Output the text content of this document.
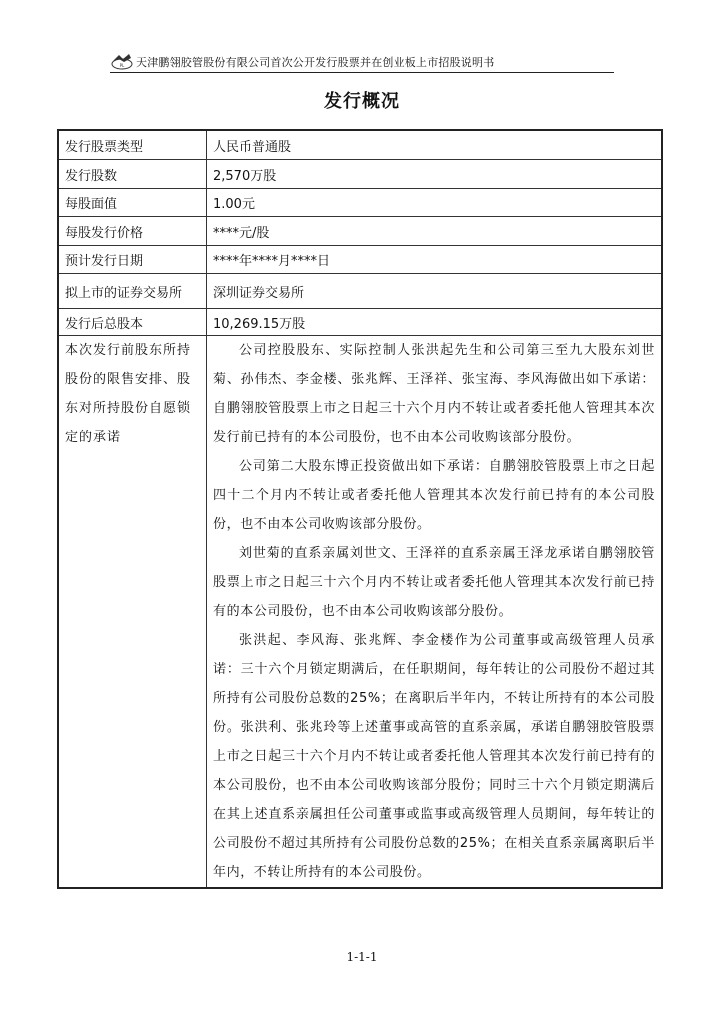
PL 天津鹏翎胶管股份有限公司首次公开发行股票并在创业板上市招股说明书
发行概况
发行股票类型	人民币普通股
发行股数	2,570万股
每股面值	1.00元
每股发行价格	****元/股
预计发行日期	****年****月****日
拟上市的证券交易所	深圳证券交易所
发行后总股本	10,269.15万股
本次发行前股东所持股份的限售安排、股东对所持股份自愿锁定的承诺	公司控股股东、实际控制人张洪起先生和公司第三至九大股东刘世菊、孙伟杰、李金楼、张兆辉、王泽祥、张宝海、李风海做出如下承诺：自鹏翎胶管股票上市之日起三十六个月内不转让或者委托他人管理其本次发行前已持有的本公司股份，也不由本公司收购该部分股份。

公司第二大股东博正投资做出如下承诺：自鹏翎胶管股票上市之日起四十二个月内不转让或者委托他人管理其本次发行前已持有的本公司股份，也不由本公司收购该部分股份。

刘世菊的直系亲属刘世文、王泽祥的直系亲属王泽龙承诺自鹏翎胶管股票上市之日起三十六个月内不转让或者委托他人管理其本次发行前已持有的本公司股份，也不由本公司收购该部分股份。

张洪起、李风海、张兆辉、李金楼作为公司董事或高级管理人员承诺：三十六个月锁定期满后，在任职期间，每年转让的公司股份不超过其所持有公司股份总数的25%；在离职后半年内，不转让所持有的本公司股份。张洪利、张兆玲等上述董事或高管的直系亲属，承诺自鹏翎胶管股票上市之日起三十六个月内不转让或者委托他人管理其本次发行前已持有的本公司股份，也不由本公司收购该部分股份；同时三十六个月锁定期满后在其上述直系亲属担任公司董事或监事或高级管理人员期间，每年转让的公司股份不超过其所持有公司股份总数的25%；在相关直系亲属离职后半年内，不转让所持有的本公司股份。

1-1-1
